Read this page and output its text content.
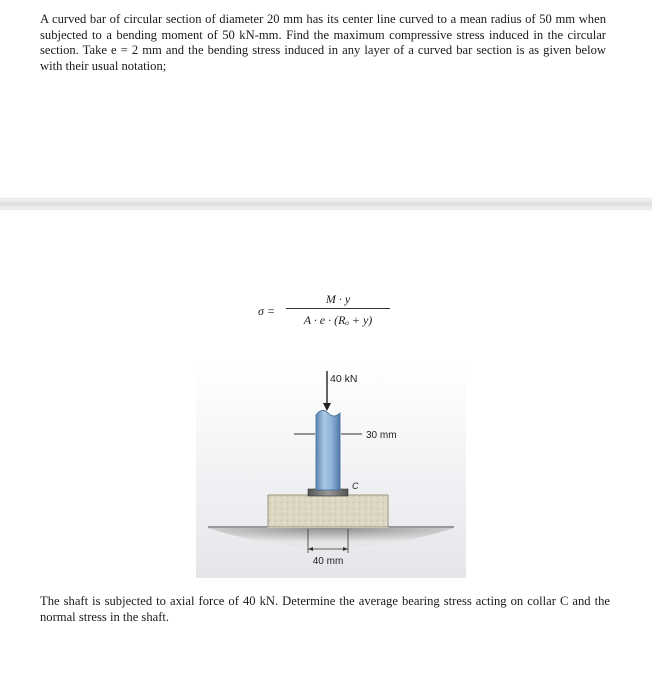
A curved bar of circular section of diameter 20 mm has its center line curved to a mean radius of 50 mm when subjected to a bending moment of 50 kN-mm. Find the maximum compressive stress induced in the circular section. Take e = 2 mm and the bending stress induced in any layer of a curved bar section is as given below with their usual notation;
σ =
M · y
A · e · (Rₒ + y)
40 kN
30 mm
C
40 mm
The shaft is subjected to axial force of 40 kN. Determine the average bearing stress acting on collar C and the normal stress in the shaft.
